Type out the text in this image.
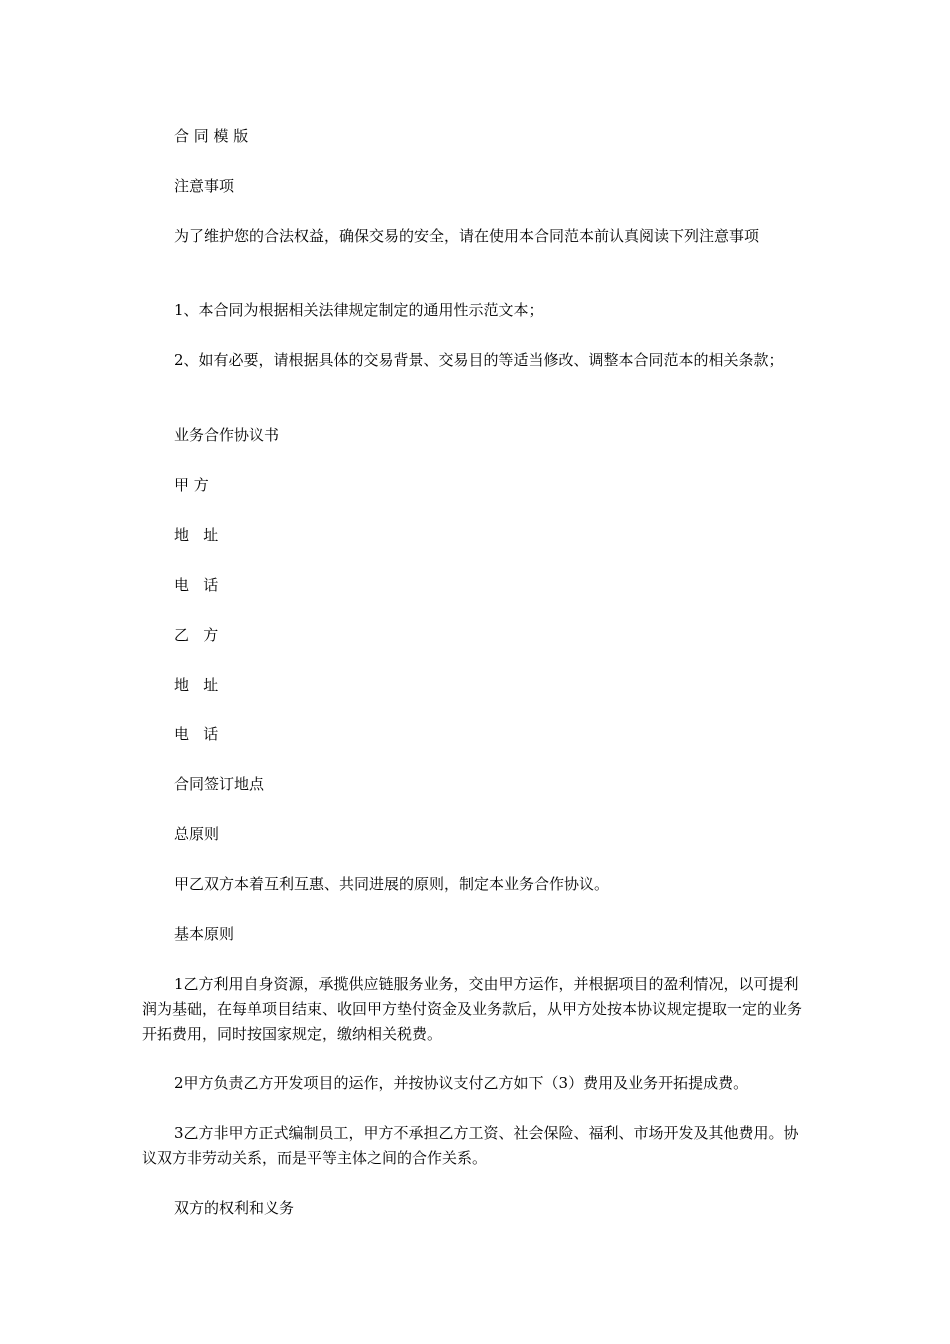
合 同 模 版

注意事项

为了维护您的合法权益，确保交易的安全，请在使用本合同范本前认真阅读下列注意事项

1、本合同为根据相关法律规定制定的通用性示范文本；

2、如有必要，请根据具体的交易背景、交易目的等适当修改、调整本合同范本的相关条款；

业务合作协议书

甲 方

地   址

电   话

乙   方

地   址

电   话

合同签订地点

总原则

甲乙双方本着互利互惠、共同进展的原则，制定本业务合作协议。

基本原则

1乙方利用自身资源，承揽供应链服务业务，交由甲方运作，并根据项目的盈利情况，以可提利润为基础，在每单项目结束、收回甲方垫付资金及业务款后，从甲方处按本协议规定提取一定的业务开拓费用，同时按国家规定，缴纳相关税费。

2甲方负责乙方开发项目的运作，并按协议支付乙方如下（3）费用及业务开拓提成费。

3乙方非甲方正式编制员工，甲方不承担乙方工资、社会保险、福利、市场开发及其他费用。协议双方非劳动关系，而是平等主体之间的合作关系。

双方的权利和义务
